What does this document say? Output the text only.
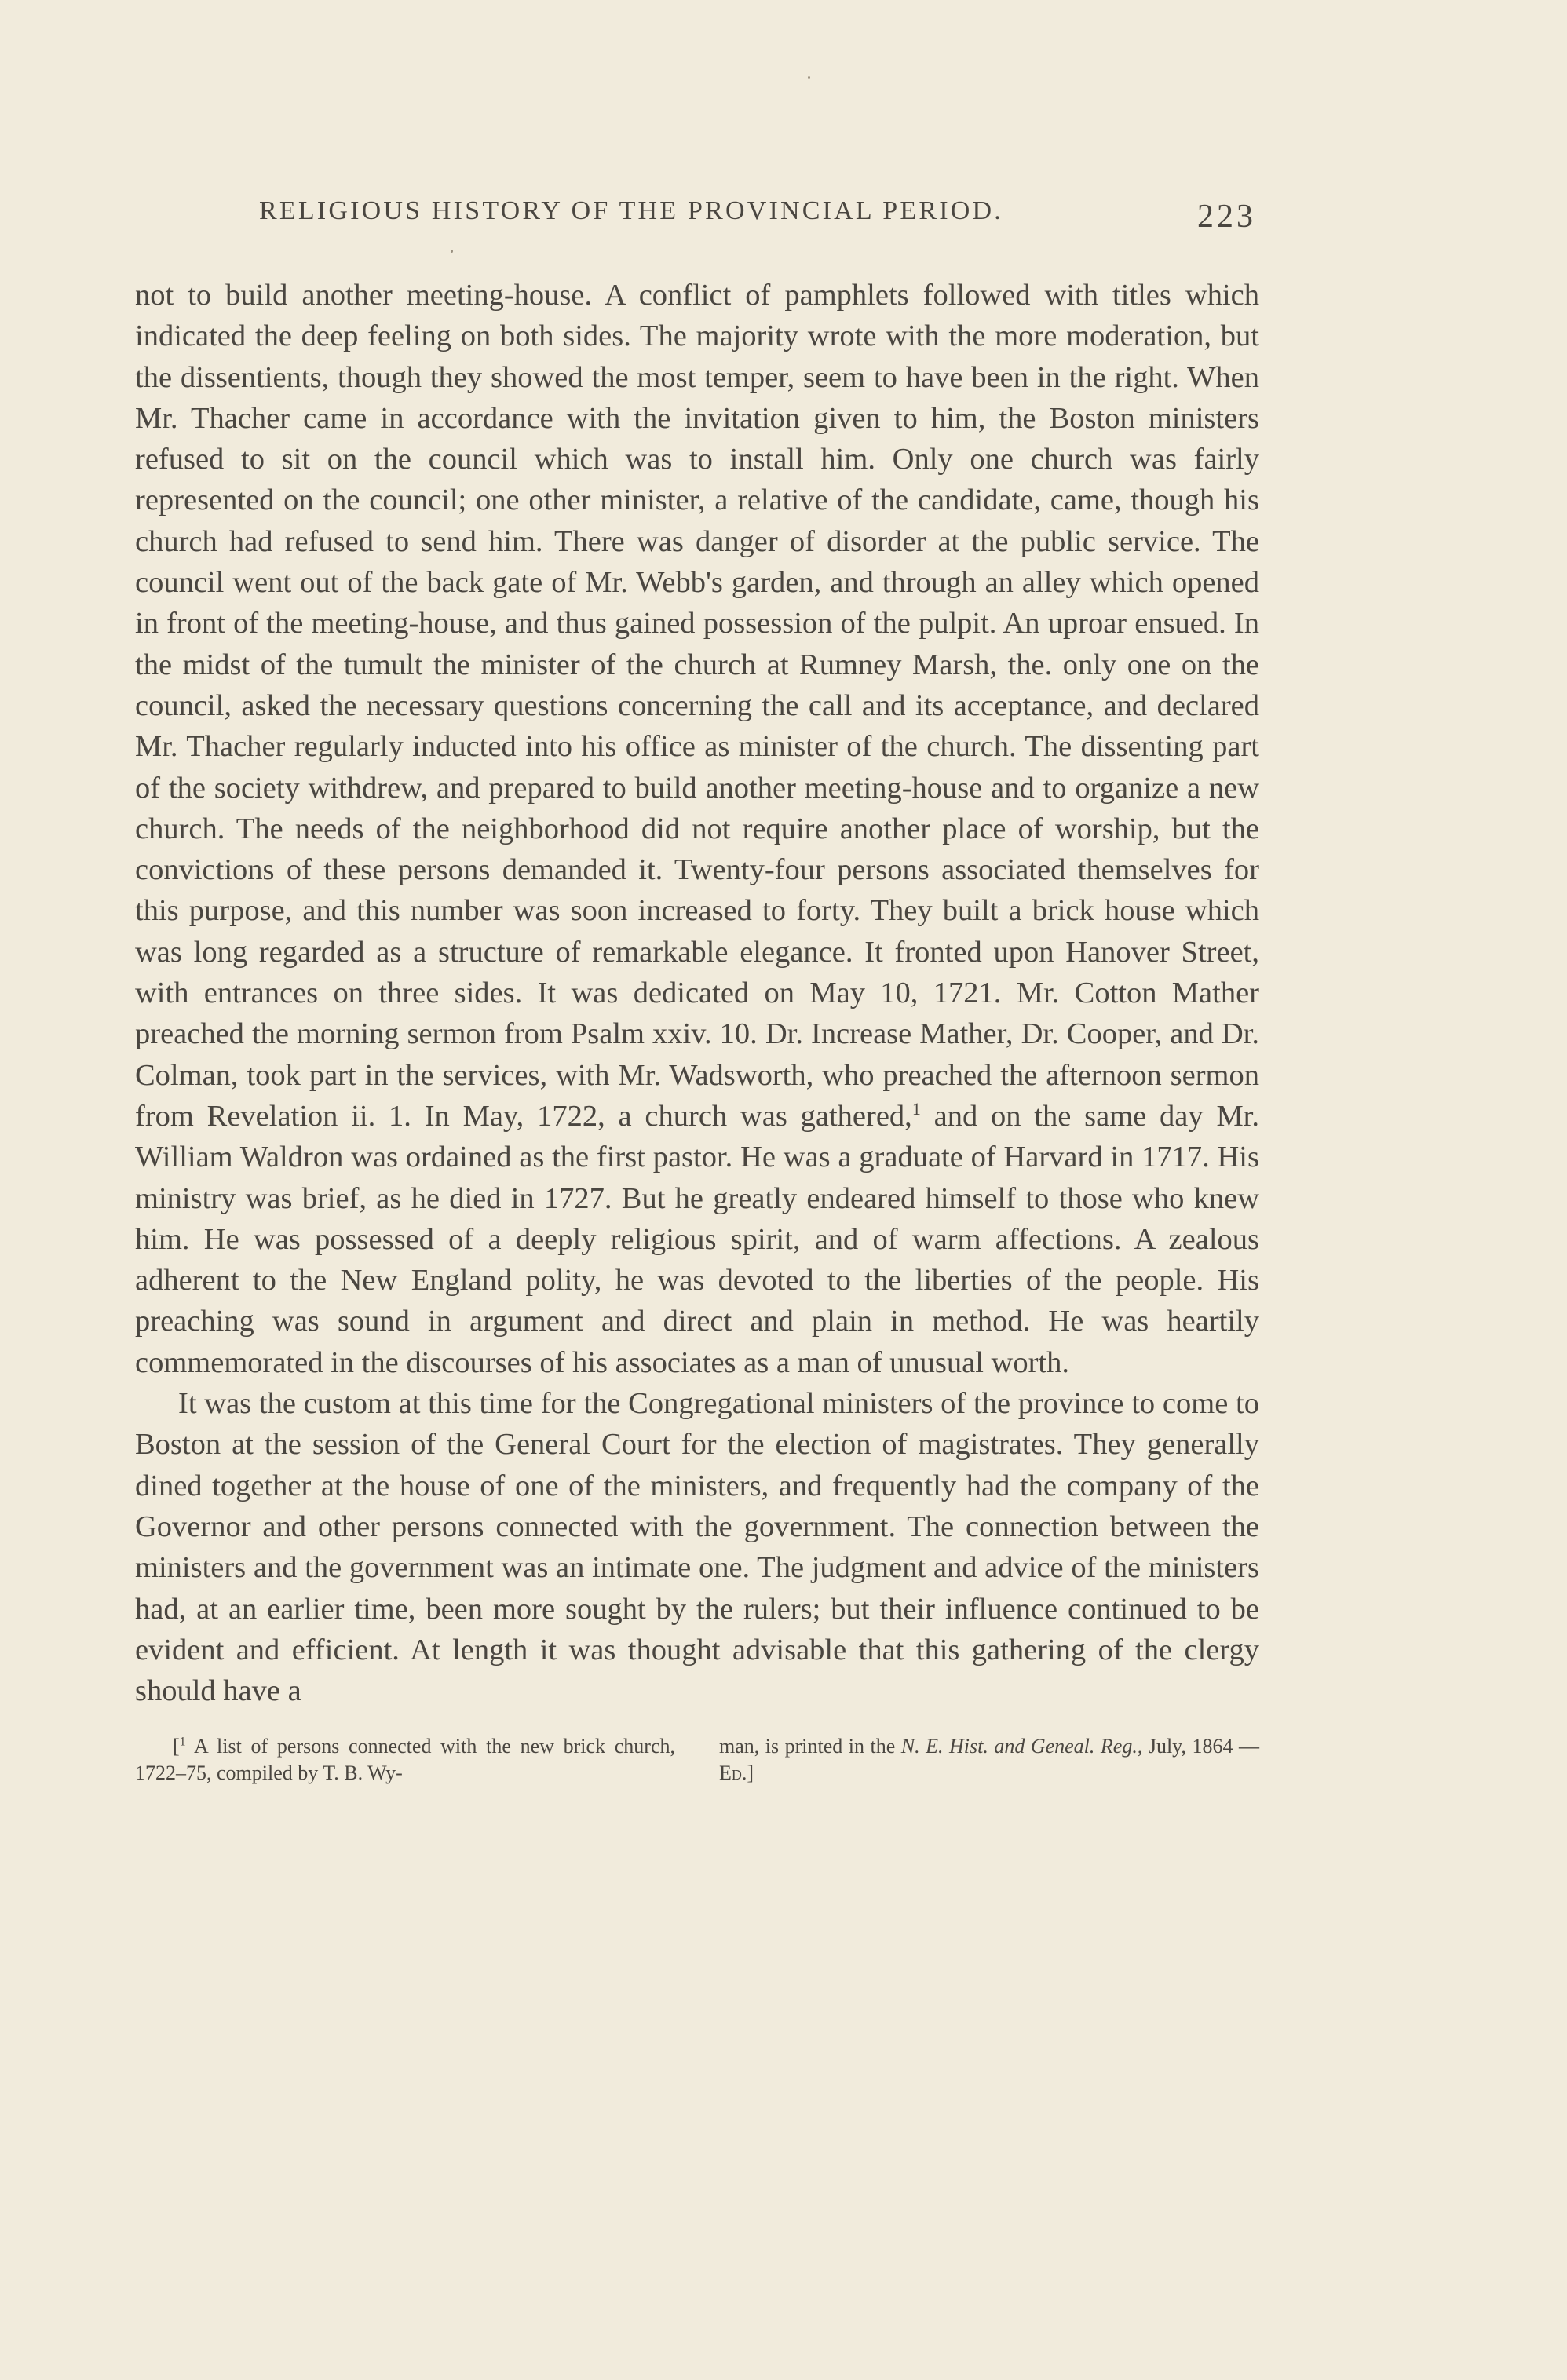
RELIGIOUS HISTORY OF THE PROVINCIAL PERIOD.	223

not to build another meeting-house. A conflict of pamphlets followed with titles which indicated the deep feeling on both sides. The majority wrote with the more moderation, but the dissentients, though they showed the most temper, seem to have been in the right. When Mr. Thacher came in accordance with the invitation given to him, the Boston ministers refused to sit on the council which was to install him. Only one church was fairly represented on the council; one other minister, a relative of the candidate, came, though his church had refused to send him. There was danger of disorder at the public service. The council went out of the back gate of Mr. Webb's garden, and through an alley which opened in front of the meeting-house, and thus gained possession of the pulpit. An uproar ensued. In the midst of the tumult the minister of the church at Rumney Marsh, the. only one on the council, asked the necessary questions concerning the call and its acceptance, and declared Mr. Thacher regularly inducted into his office as minister of the church. The dissenting part of the society withdrew, and prepared to build another meeting-house and to organize a new church. The needs of the neighborhood did not require another place of worship, but the convictions of these persons demanded it. Twenty-four persons associated themselves for this purpose, and this number was soon increased to forty. They built a brick house which was long regarded as a structure of remarkable elegance. It fronted upon Hanover Street, with entrances on three sides. It was dedicated on May 10, 1721. Mr. Cotton Mather preached the morning sermon from Psalm xxiv. 10. Dr. Increase Mather, Dr. Cooper, and Dr. Colman, took part in the services, with Mr. Wadsworth, who preached the afternoon sermon from Revelation ii. 1. In May, 1722, a church was gathered,$^1$ and on the same day Mr. William Waldron was ordained as the first pastor. He was a graduate of Harvard in 1717. His ministry was brief, as he died in 1727. But he greatly endeared himself to those who knew him. He was possessed of a deeply religious spirit, and of warm affections. A zealous adherent to the New England polity, he was devoted to the liberties of the people. His preaching was sound in argument and direct and plain in method. He was heartily commemorated in the discourses of his associates as a man of unusual worth.

It was the custom at this time for the Congregational ministers of the province to come to Boston at the session of the General Court for the election of magistrates. They generally dined together at the house of one of the ministers, and frequently had the company of the Governor and other persons connected with the government. The connection between the ministers and the government was an intimate one. The judgment and advice of the ministers had, at an earlier time, been more sought by the rulers; but their influence continued to be evident and efficient. At length it was thought advisable that this gathering of the clergy should have a

[$^1$ A list of persons connected with the new brick church, 1722–75, compiled by T. B. Wy-
man, is printed in the N. E. Hist. and Geneal. Reg., July, 1864 —Ed.]
